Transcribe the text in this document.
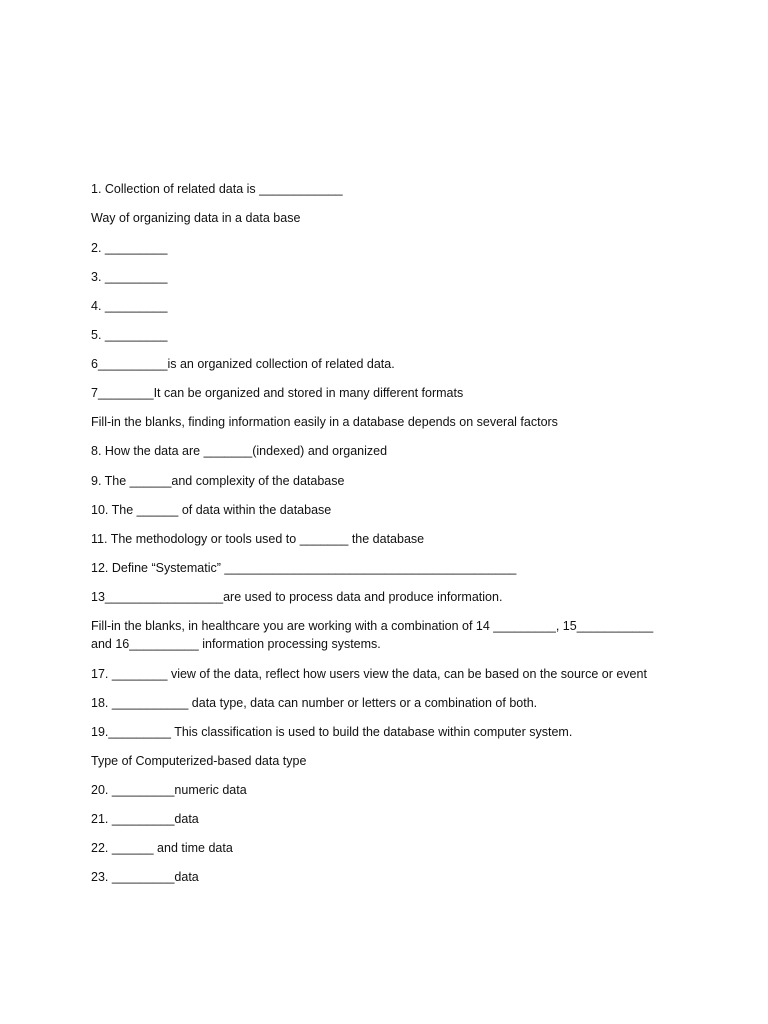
1. Collection of related data is ____________
Way of organizing data in a data base
2. _________
3. _________
4. _________
5. _________
6__________is an organized collection of related data.
7________It can be organized and stored in many different formats
Fill-in the blanks, finding information easily in a database depends on several factors
8. How the data are _______(indexed) and organized
9. The ______and complexity of the database
10. The ______ of data within the database
11. The methodology or tools used to _______ the database
12. Define “Systematic” __________________________________________
13_________________are used to process data and produce information.
Fill-in the blanks, in healthcare you are working with a combination of 14 _________, 15___________ and 16__________ information processing systems.
17. ________ view of the data, reflect how users view the data, can be based on the source or event
18. ___________ data type, data can number or letters or a combination of both.
19._________ This classification is used to build the database within computer system.
Type of Computerized-based data type
20. _________numeric data
21. _________data
22. ______ and time data
23. _________data
